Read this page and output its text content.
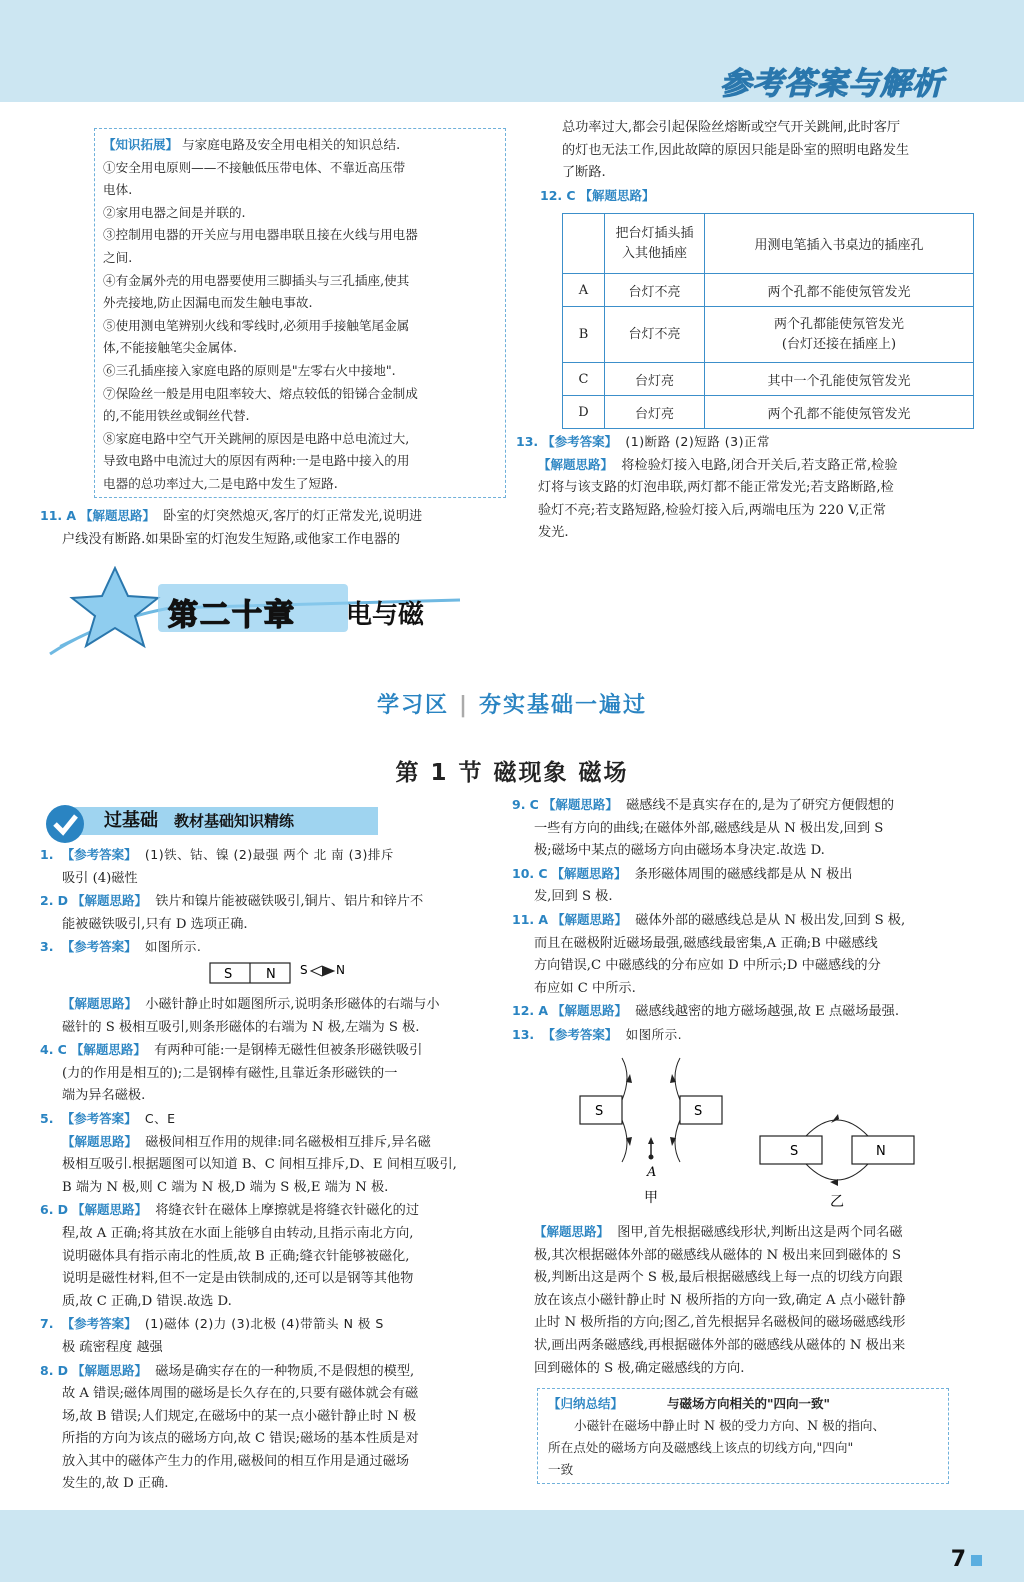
参考答案与解析

【知识拓展】 与家庭电路及安全用电相关的知识总结.

①安全用电原则——不接触低压带电体、不靠近高压带

电体.

②家用电器之间是并联的.

③控制用电器的开关应与用电器串联且接在火线与用电器

之间.

④有金属外壳的用电器要使用三脚插头与三孔插座,使其

外壳接地,防止因漏电而发生触电事故.

⑤使用测电笔辨别火线和零线时,必须用手接触笔尾金属

体,不能接触笔尖金属体.

⑥三孔插座接入家庭电路的原则是"左零右火中接地".

⑦保险丝一般是用电阻率较大、熔点较低的铅锑合金制成

的,不能用铁丝或铜丝代替.

⑧家庭电路中空气开关跳闸的原因是电路中总电流过大,

导致电路中电流过大的原因有两种:一是电路中接入的用

电器的总功率过大,二是电路中发生了短路.

11. A 【解题思路】 卧室的灯突然熄灭,客厅的灯正常发光,说明进

户线没有断路.如果卧室的灯泡发生短路,或他家工作电器的

总功率过大,都会引起保险丝熔断或空气开关跳闸,此时客厅

的灯也无法工作,因此故障的原因只能是卧室的照明电路发生

了断路.

12. C 【解题思路】

	把台灯插头插
入其他插座	用测电笔插入书桌边的插座孔
A	台灯不亮	两个孔都不能使氖管发光
B	台灯不亮	两个孔都能使氖管发光
(台灯还接在插座上)
C	台灯亮	其中一个孔能使氖管发光
D	台灯亮	两个孔都不能使氖管发光

13. 【参考答案】 (1)断路 (2)短路 (3)正常

【解题思路】 将检验灯接入电路,闭合开关后,若支路正常,检验

灯将与该支路的灯泡串联,两灯都不能正常发光;若支路断路,检

验灯不亮;若支路短路,检验灯接入后,两端电压为 220 V,正常

发光.

第二十章 电与磁
学习区 | 夯实基础一遍过
第 1 节 磁现象 磁场
过基础 教材基础知识精练

1. 【参考答案】 (1)铁、钴、镍 (2)最强 两个 北 南 (3)排斥

吸引 (4)磁性

2. D 【解题思路】 铁片和镍片能被磁铁吸引,铜片、铝片和锌片不

能被磁铁吸引,只有 D 选项正确.

3. 【参考答案】 如图所示.

S	N S N

【解题思路】 小磁针静止时如题图所示,说明条形磁体的右端与小

磁针的 S 极相互吸引,则条形磁体的右端为 N 极,左端为 S 极.

4. C 【解题思路】 有两种可能:一是钢棒无磁性但被条形磁铁吸引

(力的作用是相互的);二是钢棒有磁性,且靠近条形磁铁的一

端为异名磁极.

5. 【参考答案】 C、E

【解题思路】 磁极间相互作用的规律:同名磁极相互排斥,异名磁

极相互吸引.根据题图可以知道 B、C 间相互排斥,D、E 间相互吸引,

B 端为 N 极,则 C 端为 N 极,D 端为 S 极,E 端为 N 极.

6. D 【解题思路】 将缝衣针在磁体上摩擦就是将缝衣针磁化的过

程,故 A 正确;将其放在水面上能够自由转动,且指示南北方向,

说明磁体具有指示南北的性质,故 B 正确;缝衣针能够被磁化,

说明是磁性材料,但不一定是由铁制成的,还可以是钢等其他物

质,故 C 正确,D 错误.故选 D.

7. 【参考答案】 (1)磁体 (2)力 (3)北极 (4)带箭头 N 极 S

极 疏密程度 越强

8. D 【解题思路】 磁场是确实存在的一种物质,不是假想的模型,

故 A 错误;磁体周围的磁场是长久存在的,只要有磁体就会有磁

场,故 B 错误;人们规定,在磁场中的某一点小磁针静止时 N 极

所指的方向为该点的磁场方向,故 C 错误;磁场的基本性质是对

放入其中的磁体产生力的作用,磁极间的相互作用是通过磁场

发生的,故 D 正确.

9. C 【解题思路】 磁感线不是真实存在的,是为了研究方便假想的

一些有方向的曲线;在磁体外部,磁感线是从 N 极出发,回到 S

极;磁场中某点的磁场方向由磁场本身决定.故选 D.

10. C 【解题思路】 条形磁体周围的磁感线都是从 N 极出

发,回到 S 极.

11. A 【解题思路】 磁体外部的磁感线总是从 N 极出发,回到 S 极,

而且在磁极附近磁场最强,磁感线最密集,A 正确;B 中磁感线

方向错误,C 中磁感线的分布应如 D 中所示;D 中磁感线的分

布应如 C 中所示.

12. A 【解题思路】 磁感线越密的地方磁场越强,故 E 点磁场最强.

13. 【参考答案】 如图所示.

S	S
A
甲
S	N
乙

【解题思路】 图甲,首先根据磁感线形状,判断出这是两个同名磁

极,其次根据磁体外部的磁感线从磁体的 N 极出来回到磁体的 S

极,判断出这是两个 S 极,最后根据磁感线上每一点的切线方向跟

放在该点小磁针静止时 N 极所指的方向一致,确定 A 点小磁针静

止时 N 极所指的方向;图乙,首先根据异名磁极间的磁场磁感线形

状,画出两条磁感线,再根据磁体外部的磁感线从磁体的 N 极出来

回到磁体的 S 极,确定磁感线的方向.

【归纳总结】	与磁场方向相关的"四向一致"

小磁针在磁场中静止时 N 极的受力方向、N 极的指向、

所在点处的磁场方向及磁感线上该点的切线方向,"四向"

一致

7
